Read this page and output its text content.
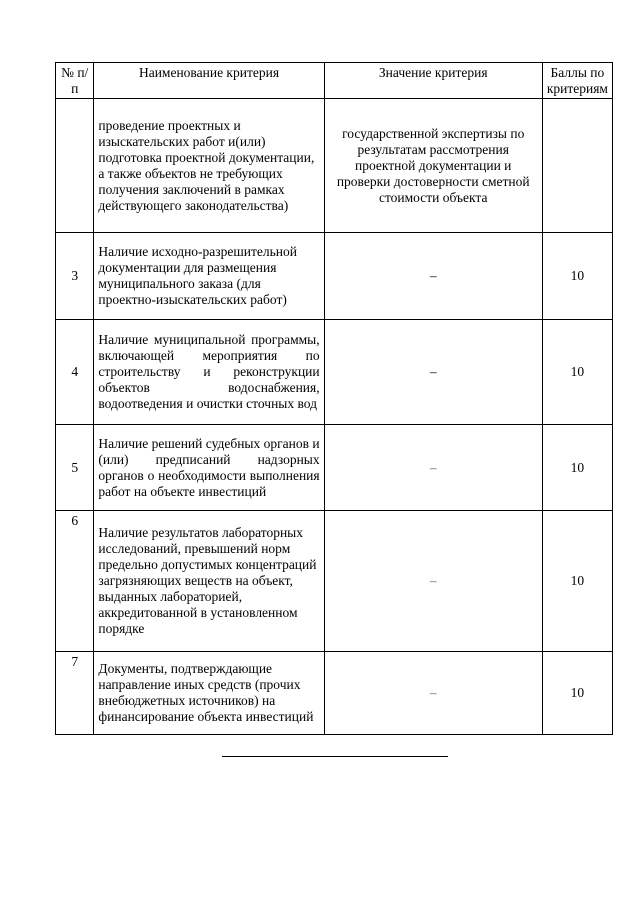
№ п/п	Наименование критерия	Значение критерия	Баллы по критериям
	проведение проектных и изыскательских работ и(или) подготовка проектной документации, а также объектов не требующих получения заключений в рамках действующего законодательства)	государственной экспертизы по результатам рассмотрения проектной документации и проверки достоверности сметной стоимости объекта	
3	Наличие исходно-разрешительной документации для размещения муниципального заказа (для проектно-изыскательских работ)	–	10
4	Наличие муниципальной программы, включающей мероприятия по строительству и реконструкции объектов водоснабжения, водоотведения и очистки сточных вод	–	10
5	Наличие решений судебных органов и (или) предписаний надзорных органов о необходимости выполнения работ на объекте инвестиций	–	10
6	Наличие результатов лабораторных исследований, превышений норм предельно допустимых концентраций загрязняющих веществ на объект, выданных лабораторией, аккредитованной в установленном порядке	–	10
7	Документы, подтверждающие направление иных средств (прочих внебюджетных источников) на финансирование объекта инвестиций	–	10
